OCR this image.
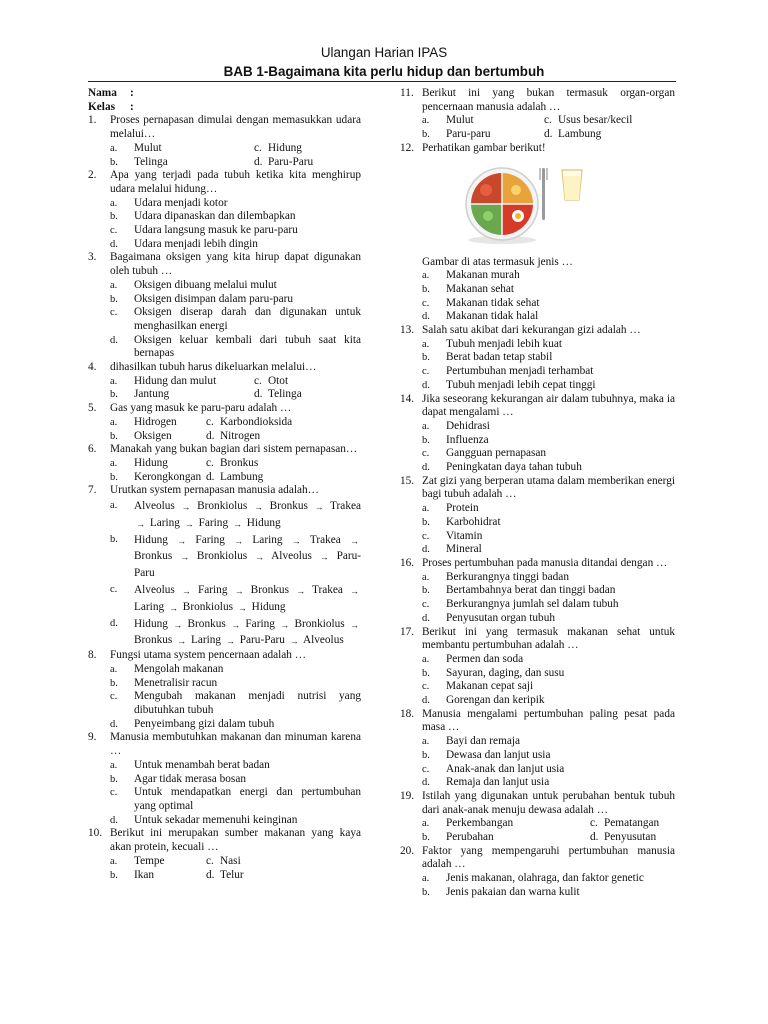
Ulangan Harian IPAS
BAB 1-Bagaimana kita perlu hidup dan bertumbuh
Nama	:
Kelas	:
1.	Proses pernapasan dimulai dengan memasukkan udara melalui…
a.	Mulut	c. Hidung
b.	Telinga	d. Paru-Paru
2.	Apa yang terjadi pada tubuh ketika kita menghirup udara melalui hidung…
a.	Udara menjadi kotor
b.	Udara dipanaskan dan dilembapkan
c.	Udara langsung masuk ke paru-paru
d.	Udara menjadi lebih dingin
3.	Bagaimana oksigen yang kita hirup dapat digunakan oleh tubuh …
a.	Oksigen dibuang melalui mulut
b.	Oksigen disimpan dalam paru-paru
c.	Oksigen diserap darah dan digunakan untuk menghasilkan energi
d.	Oksigen keluar kembali dari tubuh saat kita bernapas
4.	dihasilkan tubuh harus dikeluarkan melalui…
a.	Hidung dan mulut	c. Otot
b.	Jantung	d. Telinga
5.	Gas yang masuk ke paru-paru adalah …
a.	Hidrogen	c. Karbondioksida
b.	Oksigen	d. Nitrogen
6.	Manakah yang bukan bagian dari sistem pernapasan…
a.	Hidung	c. Bronkus
b.	Kerongkongan d. Lambung
7.	Urutkan system pernapasan manusia adalah…
a.	Alveolus → Bronkiolus → Bronkus → Trakea → Laring → Faring → Hidung
b.	Hidung → Faring → Laring → Trakea → Bronkus → Bronkiolus → Alveolus → Paru-Paru
c.	Alveolus → Faring → Bronkus → Trakea → Laring → Bronkiolus → Hidung
d.	Hidung → Bronkus → Faring → Bronkiolus → Bronkus → Laring → Paru-Paru → Alveolus
8.	Fungsi utama system pencernaan adalah …
a.	Mengolah makanan
b.	Menetralisir racun
c.	Mengubah makanan menjadi nutrisi yang dibutuhkan tubuh
d.	Penyeimbang gizi dalam tubuh
9.	Manusia membutuhkan makanan dan minuman karena …
a.	Untuk menambah berat badan
b.	Agar tidak merasa bosan
c.	Untuk mendapatkan energi dan pertumbuhan yang optimal
d.	Untuk sekadar memenuhi keinginan
10. Berikut ini merupakan sumber makanan yang kaya akan protein, kecuali …
a.	Tempe	c. Nasi
b.	Ikan	d. Telur
11. Berikut ini yang bukan termasuk organ-organ pencernaan manusia adalah …
a.	Mulut	c. Usus besar/kecil
b.	Paru-paru	d. Lambung
12. Perhatikan gambar berikut!
Gambar di atas termasuk jenis …
a.	Makanan murah
b.	Makanan sehat
c.	Makanan tidak sehat
d.	Makanan tidak halal
13. Salah satu akibat dari kekurangan gizi adalah …
a.	Tubuh menjadi lebih kuat
b.	Berat badan tetap stabil
c.	Pertumbuhan menjadi terhambat
d.	Tubuh menjadi lebih cepat tinggi
14. Jika seseorang kekurangan air dalam tubuhnya, maka ia dapat mengalami …
a.	Dehidrasi
b.	Influenza
c.	Gangguan pernapasan
d.	Peningkatan daya tahan tubuh
15. Zat gizi yang berperan utama dalam memberikan energi bagi tubuh adalah …
a.	Protein
b.	Karbohidrat
c.	Vitamin
d.	Mineral
16. Proses pertumbuhan pada manusia ditandai dengan …
a.	Berkurangnya tinggi badan
b.	Bertambahnya berat dan tinggi badan
c.	Berkurangnya jumlah sel dalam tubuh
d.	Penyusutan organ tubuh
17. Berikut ini yang termasuk makanan sehat untuk membantu pertumbuhan adalah …
a.	Permen dan soda
b.	Sayuran, daging, dan susu
c.	Makanan cepat saji
d.	Gorengan dan keripik
18. Manusia mengalami pertumbuhan paling pesat pada masa …
a.	Bayi dan remaja
b.	Dewasa dan lanjut usia
c.	Anak-anak dan lanjut usia
d.	Remaja dan lanjut usia
19. Istilah yang digunakan untuk perubahan bentuk tubuh dari anak-anak menuju dewasa adalah …
a.	Perkembangan	c. Pematangan
b.	Perubahan	d. Penyusutan
20. Faktor yang mempengaruhi pertumbuhan manusia adalah …
a.	Jenis makanan, olahraga, dan faktor genetic
b.	Jenis pakaian dan warna kulit
